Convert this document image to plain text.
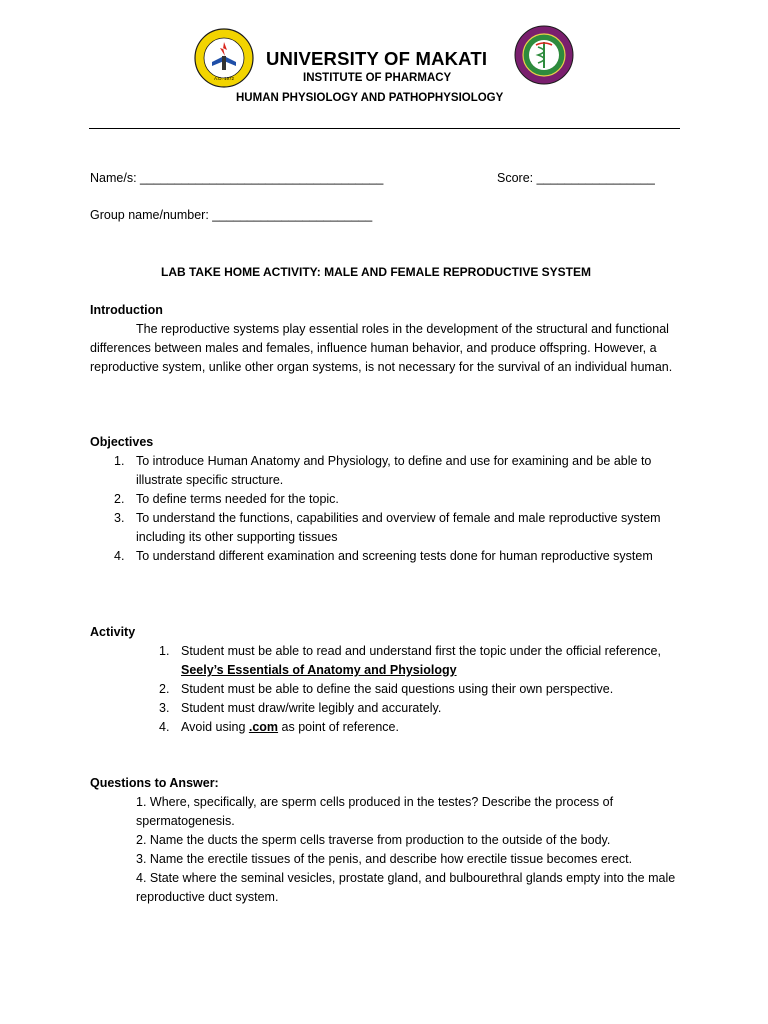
A.D. 1972
UNIVERSITY OF MAKATI
INSTITUTE OF PHARMACY
HUMAN PHYSIOLOGY AND PATHOPHYSIOLOGY
Name/s: ___________________________________	Score: _________________
Group name/number: _______________________
LAB TAKE HOME ACTIVITY: MALE AND FEMALE REPRODUCTIVE SYSTEM
Introduction
The reproductive systems play essential roles in the development of the structural and functional differences between males and females, influence human behavior, and produce offspring. However, a reproductive system, unlike other organ systems, is not necessary for the survival of an individual human.
Objectives
1. To introduce Human Anatomy and Physiology, to define and use for examining and be able to illustrate specific structure.
2. To define terms needed for the topic.
3. To understand the functions, capabilities and overview of female and male reproductive system including its other supporting tissues
4. To understand different examination and screening tests done for human reproductive system
Activity
1. Student must be able to read and understand first the topic under the official reference, Seely’s Essentials of Anatomy and Physiology
2. Student must be able to define the said questions using their own perspective.
3. Student must draw/write legibly and accurately.
4. Avoid using .com as point of reference.
Questions to Answer:
1. Where, specifically, are sperm cells produced in the testes? Describe the process of spermatogenesis.
2. Name the ducts the sperm cells traverse from production to the outside of the body.
3. Name the erectile tissues of the penis, and describe how erectile tissue becomes erect.
4. State where the seminal vesicles, prostate gland, and bulbourethral glands empty into the male reproductive duct system.
